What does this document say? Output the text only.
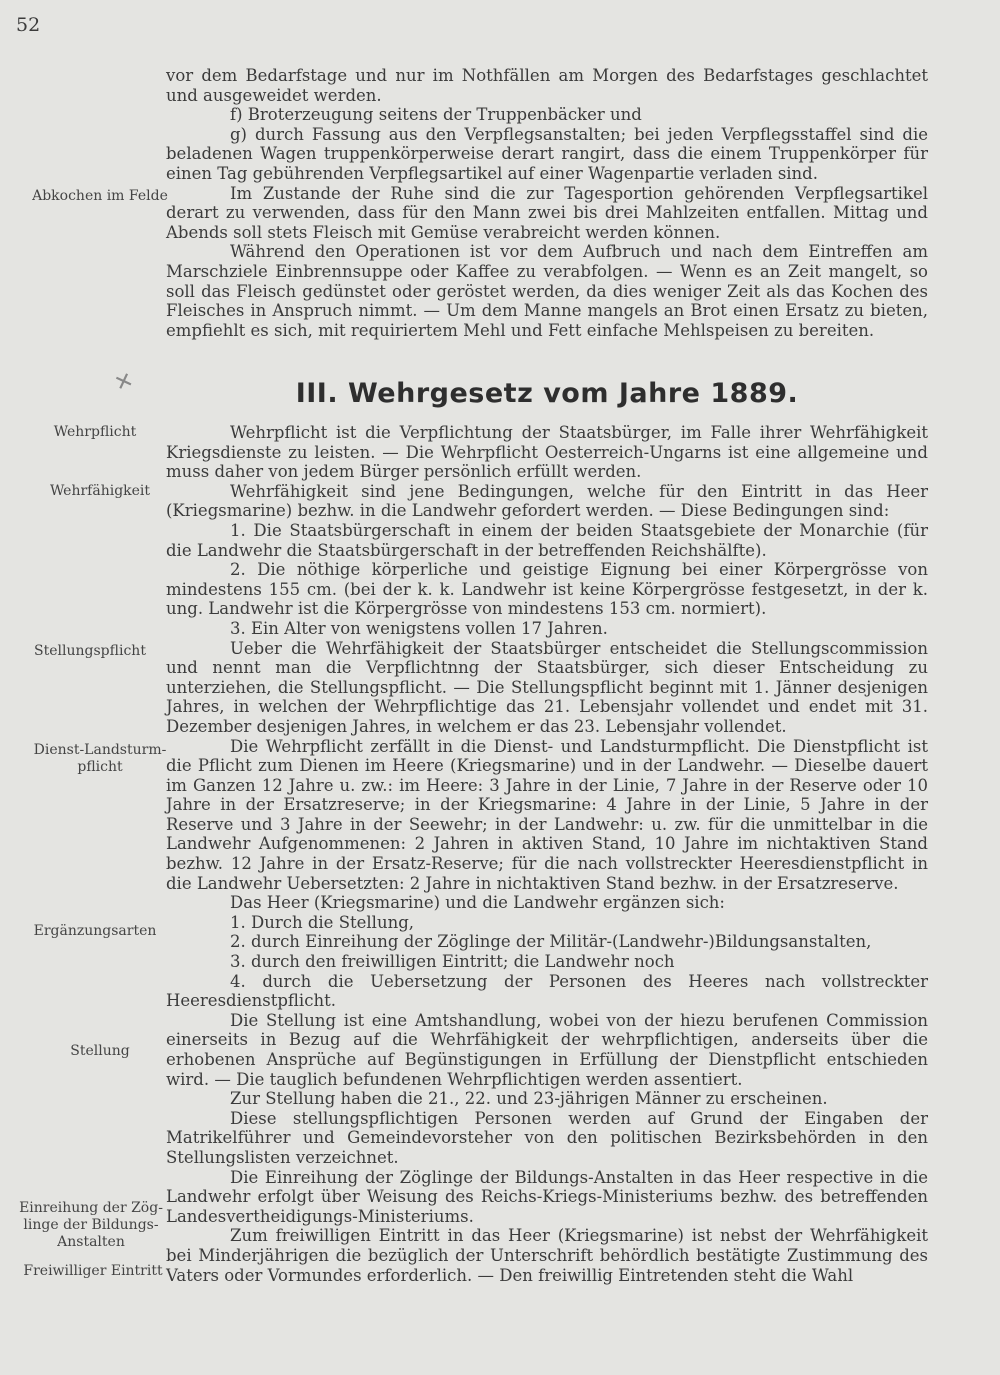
52
Abkochen im Felde
✕
Wehrpflicht
Wehrfähigkeit
Stellungspflicht
Dienst-Landsturm-
pflicht
Ergänzungsarten
Stellung
Einreihung der Zög-
linge der Bildungs-
Anstalten
Freiwilliger Eintritt

vor dem Bedarfstage und nur im Nothfällen am Morgen des Bedarfstages geschlachtet und ausgeweidet werden.

f) Broterzeugung seitens der Truppenbäcker und

g) durch Fassung aus den Verpflegsanstalten; bei jeden Verpflegsstaffel sind die beladenen Wagen truppenkörperweise derart rangirt, dass die einem Truppenkörper für einen Tag gebührenden Verpflegsartikel auf einer Wagenpartie verladen sind.

Im Zustande der Ruhe sind die zur Tagesportion gehörenden Verpflegsartikel derart zu verwenden, dass für den Mann zwei bis drei Mahlzeiten entfallen. Mittag und Abends soll stets Fleisch mit Gemüse verabreicht werden können.

Während den Operationen ist vor dem Aufbruch und nach dem Eintreffen am Marschziele Einbrennsuppe oder Kaffee zu verabfolgen. — Wenn es an Zeit mangelt, so soll das Fleisch gedünstet oder geröstet werden, da dies weniger Zeit als das Kochen des Fleisches in Anspruch nimmt. — Um dem Manne mangels an Brot einen Ersatz zu bieten, empfiehlt es sich, mit requiriertem Mehl und Fett einfache Mehlspeisen zu bereiten.

III. Wehrgesetz vom Jahre 1889.

Wehrpflicht ist die Verpflichtung der Staatsbürger, im Falle ihrer Wehrfähigkeit Kriegsdienste zu leisten. — Die Wehrpflicht Oesterreich-Ungarns ist eine allgemeine und muss daher von jedem Bürger persönlich erfüllt werden.

Wehrfähigkeit sind jene Bedingungen, welche für den Eintritt in das Heer (Kriegsmarine) bezhw. in die Landwehr gefordert werden. — Diese Bedingungen sind:

1. Die Staatsbürgerschaft in einem der beiden Staatsgebiete der Monarchie (für die Landwehr die Staatsbürgerschaft in der betreffenden Reichshälfte).

2. Die nöthige körperliche und geistige Eignung bei einer Körpergrösse von mindestens 155 cm. (bei der k. k. Landwehr ist keine Körpergrösse festgesetzt, in der k. ung. Landwehr ist die Körpergrösse von mindestens 153 cm. normiert).

3. Ein Alter von wenigstens vollen 17 Jahren.

Ueber die Wehrfähigkeit der Staatsbürger entscheidet die Stellungscommission und nennt man die Verpflichtnng der Staatsbürger, sich dieser Entscheidung zu unterziehen, die Stellungspflicht. — Die Stellungspflicht beginnt mit 1. Jänner desjenigen Jahres, in welchen der Wehrpflichtige das 21. Lebensjahr vollendet und endet mit 31. Dezember desjenigen Jahres, in welchem er das 23. Lebensjahr vollendet.

Die Wehrpflicht zerfällt in die Dienst- und Landsturmpflicht. Die Dienstpflicht ist die Pflicht zum Dienen im Heere (Kriegsmarine) und in der Landwehr. — Dieselbe dauert im Ganzen 12 Jahre u. zw.: im Heere: 3 Jahre in der Linie, 7 Jahre in der Reserve oder 10 Jahre in der Ersatzreserve; in der Kriegsmarine: 4 Jahre in der Linie, 5 Jahre in der Reserve und 3 Jahre in der Seewehr; in der Landwehr: u. zw. für die unmittelbar in die Landwehr Aufgenommenen: 2 Jahren in aktiven Stand, 10 Jahre im nichtaktiven Stand bezhw. 12 Jahre in der Ersatz-Reserve; für die nach vollstreckter Heeresdienstpflicht in die Landwehr Uebersetzten: 2 Jahre in nichtaktiven Stand bezhw. in der Ersatzreserve.

Das Heer (Kriegsmarine) und die Landwehr ergänzen sich:

1. Durch die Stellung,

2. durch Einreihung der Zöglinge der Militär-(Landwehr-)Bildungsanstalten,

3. durch den freiwilligen Eintritt; die Landwehr noch

4. durch die Uebersetzung der Personen des Heeres nach vollstreckter Heeresdienstpflicht.

Die Stellung ist eine Amtshandlung, wobei von der hiezu berufenen Commission einerseits in Bezug auf die Wehrfähigkeit der wehrpflichtigen, anderseits über die erhobenen Ansprüche auf Begünstigungen in Erfüllung der Dienstpflicht entschieden wird. — Die tauglich befundenen Wehrpflichtigen werden assentiert.

Zur Stellung haben die 21., 22. und 23-jährigen Männer zu erscheinen.

Diese stellungspflichtigen Personen werden auf Grund der Eingaben der Matrikelführer und Gemeindevorsteher von den politischen Bezirksbehörden in den Stellungslisten verzeichnet.

Die Einreihung der Zöglinge der Bildungs-Anstalten in das Heer respective in die Landwehr erfolgt über Weisung des Reichs-Kriegs-Ministeriums bezhw. des betreffenden Landesvertheidigungs-Ministeriums.

Zum freiwilligen Eintritt in das Heer (Kriegsmarine) ist nebst der Wehrfähigkeit bei Minderjährigen die bezüglich der Unterschrift behördlich bestätigte Zustimmung des Vaters oder Vormundes erforderlich. — Den freiwillig Eintretenden steht die Wahl
